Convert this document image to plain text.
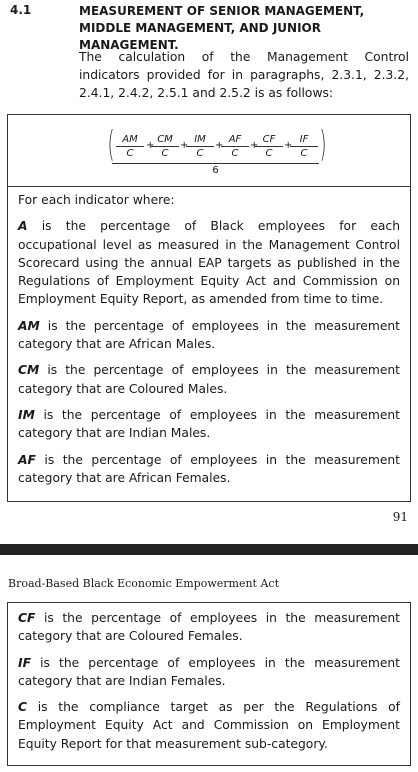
4.1	MEASUREMENT OF SENIOR MANAGEMENT, MIDDLE MANAGEMENT, AND JUNIOR MANAGEMENT.
The calculation of the Management Control indicators provided for in paragraphs, 2.3.1, 2.3.2, 2.4.1, 2.4.2, 2.5.1 and 2.5.2 is as follows:
( $\frac{AM}{C}$ +
$\frac{CM}{C}$ +
$\frac{IM}{C}$ +
$\frac{AF}{C}$ +
$\frac{CF}{C}$ +
$\frac{IF}{C}$ )
6

For each indicator where:

A is the percentage of Black employees for each occupational level as measured in the Management Control Scorecard using the annual EAP targets as published in the Regulations of Employment Equity Act and Commission on Employment Equity Report, as amended from time to time.

AM is the percentage of employees in the measurement category that are African Males.

CM is the percentage of employees in the measurement category that are Coloured Males.

IM is the percentage of employees in the measurement category that are Indian Males.

AF is the percentage of employees in the measurement category that are African Females.

91
Broad-Based Black Economic Empowerment Act

CF is the percentage of employees in the measurement category that are Coloured Females.

IF is the percentage of employees in the measurement category that are Indian Females.

C is the compliance target as per the Regulations of Employment Equity Act and Commission on Employment Equity Report for that measurement sub-category.
